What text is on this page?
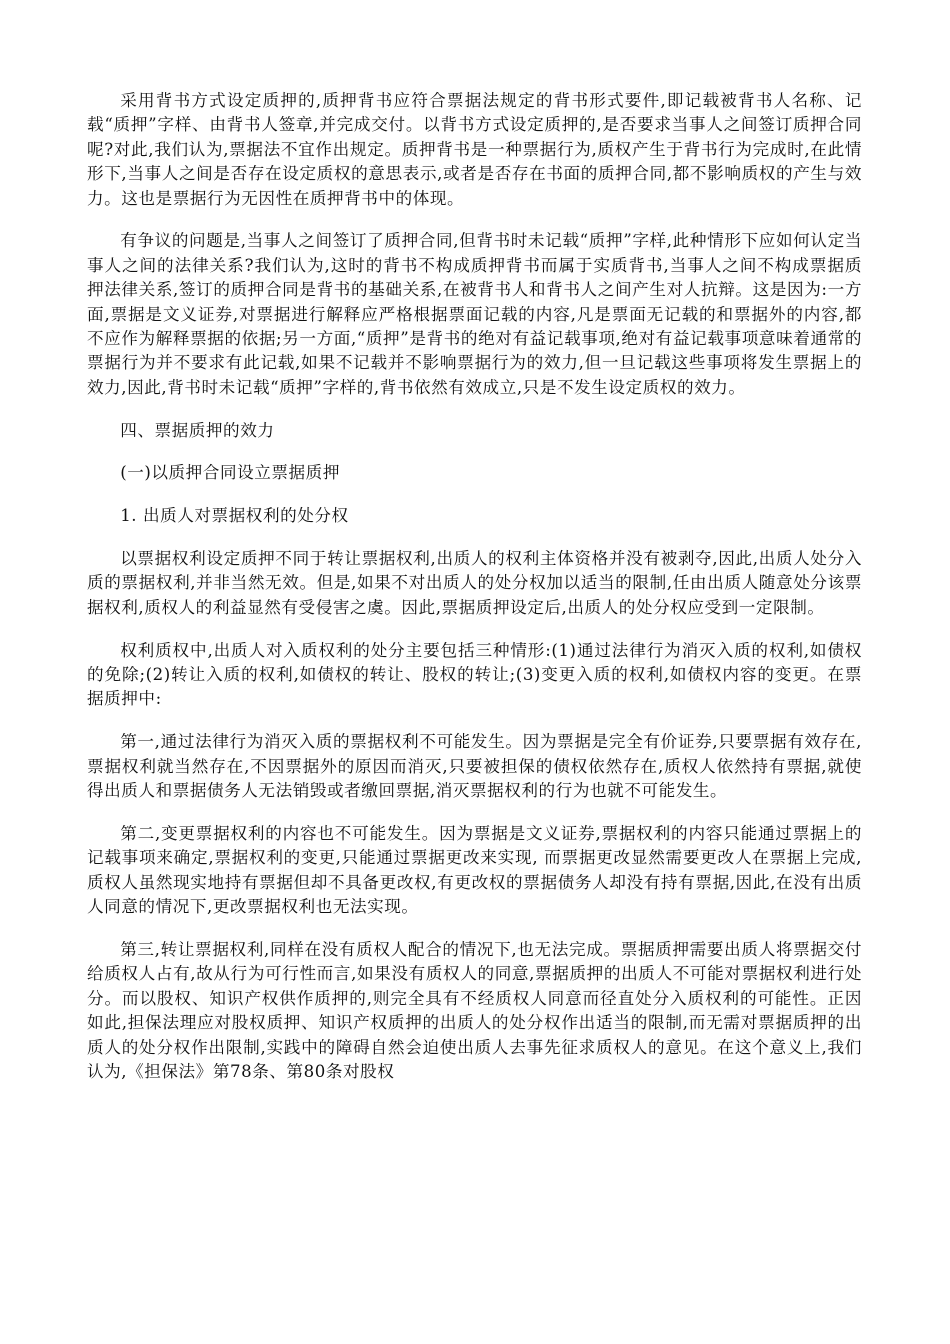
采用背书方式设定质押的,质押背书应符合票据法规定的背书形式要件,即记载被背书人名称、记载“质押”字样、由背书人签章,并完成交付。以背书方式设定质押的,是否要求当事人之间签订质押合同呢?对此,我们认为,票据法不宜作出规定。质押背书是一种票据行为,质权产生于背书行为完成时,在此情形下,当事人之间是否存在设定质权的意思表示,或者是否存在书面的质押合同,都不影响质权的产生与效力。这也是票据行为无因性在质押背书中的体现。

有争议的问题是,当事人之间签订了质押合同,但背书时未记载“质押”字样,此种情形下应如何认定当事人之间的法律关系?我们认为,这时的背书不构成质押背书而属于实质背书,当事人之间不构成票据质押法律关系,签订的质押合同是背书的基础关系,在被背书人和背书人之间产生对人抗辩。这是因为:一方面,票据是文义证券,对票据进行解释应严格根据票面记载的内容,凡是票面无记载的和票据外的内容,都不应作为解释票据的依据;另一方面,“质押”是背书的绝对有益记载事项,绝对有益记载事项意味着通常的票据行为并不要求有此记载,如果不记载并不影响票据行为的效力,但一旦记载这些事项将发生票据上的效力,因此,背书时未记载“质押”字样的,背书依然有效成立,只是不发生设定质权的效力。

四、票据质押的效力

(一)以质押合同设立票据质押

1. 出质人对票据权利的处分权

以票据权利设定质押不同于转让票据权利,出质人的权利主体资格并没有被剥夺,因此,出质人处分入质的票据权利,并非当然无效。但是,如果不对出质人的处分权加以适当的限制,任由出质人随意处分该票据权利,质权人的利益显然有受侵害之虞。因此,票据质押设定后,出质人的处分权应受到一定限制。

权利质权中,出质人对入质权利的处分主要包括三种情形:(1)通过法律行为消灭入质的权利,如债权的免除;(2)转让入质的权利,如债权的转让、股权的转让;(3)变更入质的权利,如债权内容的变更。在票据质押中:

第一,通过法律行为消灭入质的票据权利不可能发生。因为票据是完全有价证券,只要票据有效存在,票据权利就当然存在,不因票据外的原因而消灭,只要被担保的债权依然存在,质权人依然持有票据,就使得出质人和票据债务人无法销毁或者缴回票据,消灭票据权利的行为也就不可能发生。

第二,变更票据权利的内容也不可能发生。因为票据是文义证券,票据权利的内容只能通过票据上的记载事项来确定,票据权利的变更,只能通过票据更改来实现, 而票据更改显然需要更改人在票据上完成,质权人虽然现实地持有票据但却不具备更改权,有更改权的票据债务人却没有持有票据,因此,在没有出质人同意的情况下,更改票据权利也无法实现。

第三,转让票据权利,同样在没有质权人配合的情况下,也无法完成。票据质押需要出质人将票据交付给质权人占有,故从行为可行性而言,如果没有质权人的同意,票据质押的出质人不可能对票据权利进行处分。而以股权、知识产权供作质押的,则完全具有不经质权人同意而径直处分入质权利的可能性。正因如此,担保法理应对股权质押、知识产权质押的出质人的处分权作出适当的限制,而无需对票据质押的出质人的处分权作出限制,实践中的障碍自然会迫使出质人去事先征求质权人的意见。在这个意义上,我们认为,《担保法》第78条、第80条对股权
